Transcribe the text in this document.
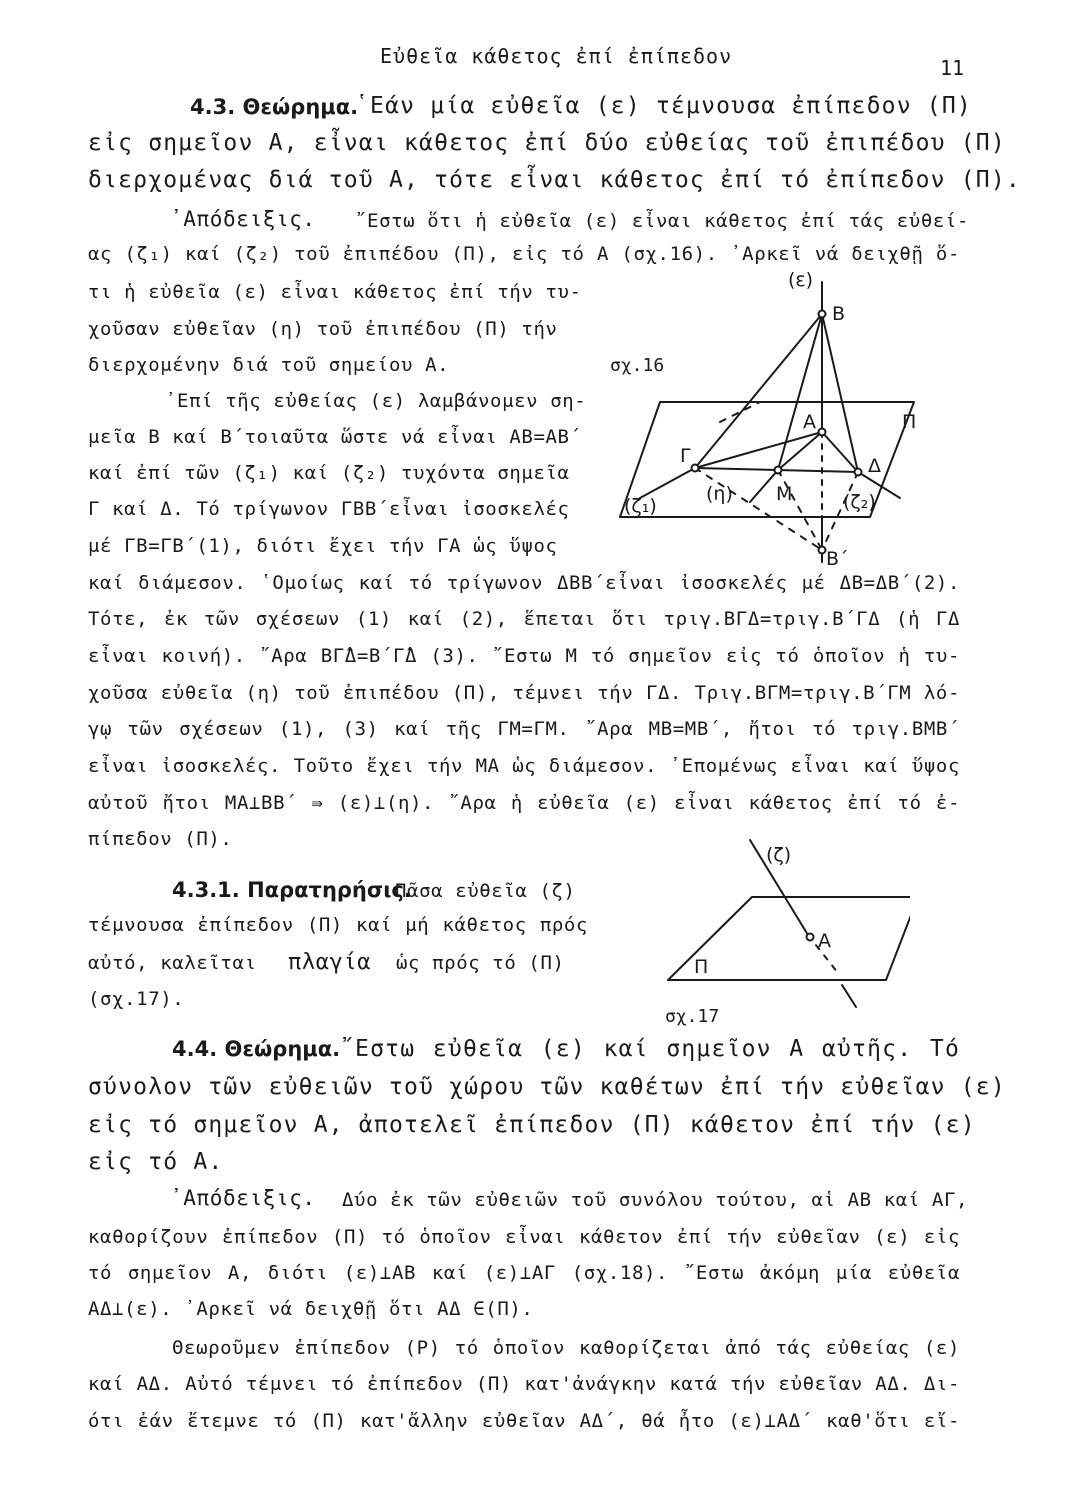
Εὐθεῖα κάθετος ἐπί ἐπίπεδον	11
4.3. Θεώρημα.
῾Εάν μία εὐθεῖα (ε) τέμνουσα ἐπίπεδον (Π)
εἰς σημεῖον Α, εἶναι κάθετος ἐπί δύο εὐθείας τοῦ ἐπιπέδου (Π)
διερχομένας διά τοῦ Α, τότε εἶναι κάθετος ἐπί τό ἐπίπεδον (Π).
᾿Απόδειξις. ῎Εστω ὅτι ἡ εὐθεῖα (ε) εἶναι κάθετος ἐπί τάς εὐθεί-
ας (ζ₁) καί (ζ₂) τοῦ ἐπιπέδου (Π), εἰς τό Α (σχ.16). ᾿Αρκεῖ νά δειχθῇ ὅ-
τι ἡ εὐθεῖα (ε) εἶναι κάθετος ἐπί τήν τυ-
χοῦσαν εὐθεῖαν (η) τοῦ ἐπιπέδου (Π) τήν
διερχομένην διά τοῦ σημείου Α.
᾿Επί τῆς εὐθείας (ε) λαμβάνομεν ση-
μεῖα Β καί Β΄τοιαῦτα ὥστε νά εἶναι ΑΒ=ΑΒ΄
καί ἐπί τῶν (ζ₁) καί (ζ₂) τυχόντα σημεῖα
Γ καί Δ. Τό τρίγωνον ΓΒΒ΄εἶναι ἰσοσκελές
μέ ΓΒ=ΓΒ΄(1), διότι ἔχει τήν ΓΑ ὡς ὕψος
καί διάμεσον. ῾Ομοίως καί τό τρίγωνον ΔΒΒ΄εἶναι ἰσοσκελές μέ ΔΒ=ΔΒ΄(2).
Τότε, ἐκ τῶν σχέσεων (1) καί (2), ἕπεται ὅτι τριγ.ΒΓΔ=τριγ.Β΄ΓΔ (ἡ ΓΔ
εἶναι κοινή). ῎Αρα ΒΓ̂Δ=Β΄Γ̂Δ (3). ῎Εστω Μ τό σημεῖον εἰς τό ὁποῖον ἡ τυ-
χοῦσα εὐθεῖα (η) τοῦ ἐπιπέδου (Π), τέμνει τήν ΓΔ. Τριγ.ΒΓΜ=τριγ.Β΄ΓΜ λό-
γῳ τῶν σχέσεων (1), (3) καί τῆς ΓΜ=ΓΜ. ῎Αρα ΜΒ=ΜΒ΄, ἤτοι τό τριγ.ΒΜΒ΄
εἶναι ἰσοσκελές. Τοῦτο ἔχει τήν ΜΑ ὡς διάμεσον. ᾿Επομένως εἶναι καί ὕψος
αὐτοῦ ἤτοι ΜΑ⊥ΒΒ΄ ⇛ (ε)⊥(η). ῎Αρα ἡ εὐθεῖα (ε) εἶναι κάθετος ἐπί τό ἐ-
πίπεδον (Π).
(ε)
Β
Π
Α
Γ	Δ
(ζ₁)
(η) Μ	(ζ₂)
Β΄
σχ.16
4.3.1. Παρατηρήσις.
Πᾶσα εὐθεῖα (ζ)
τέμνουσα ἐπίπεδον (Π) καί μή κάθετος πρός
αὐτό, καλεῖται πλαγία ὡς πρός τό (Π)
(σχ.17).
(ζ)
Α
Π
σχ.17
4.4. Θεώρημα. ῎Εστω εὐθεῖα (ε) καί σημεῖον Α αὐτῆς. Τό
σύνολον τῶν εὐθειῶν τοῦ χώρου τῶν καθέτων ἐπί τήν εὐθεῖαν (ε)
εἰς τό σημεῖον Α, ἀποτελεῖ ἐπίπεδον (Π) κάθετον ἐπί τήν (ε)
εἰς τό Α.
᾿Απόδειξις. Δύο ἐκ τῶν εὐθειῶν τοῦ συνόλου τούτου, αἱ ΑΒ καί ΑΓ,
καθορίζουν ἐπίπεδον (Π) τό ὁποῖον εἶναι κάθετον ἐπί τήν εὐθεῖαν (ε) εἰς
τό σημεῖον Α, διότι (ε)⊥ΑΒ καί (ε)⊥ΑΓ (σχ.18). ῎Εστω ἀκόμη μία εὐθεῖα
ΑΔ⊥(ε). ᾿Αρκεῖ νά δειχθῇ ὅτι ΑΔ ∈(Π).
Θεωροῦμεν ἐπίπεδον (Ρ) τό ὁποῖον καθορίζεται ἀπό τάς εὐθείας (ε)
καί ΑΔ. Αὐτό τέμνει τό ἐπίπεδον (Π) κατ'ἀνάγκην κατά τήν εὐθεῖαν ΑΔ. Δι-
ότι ἐάν ἔτεμνε τό (Π) κατ'ἄλλην εὐθεῖαν ΑΔ΄, θά ἦτο (ε)⊥ΑΔ΄ καθ'ὅτι εἴ-
